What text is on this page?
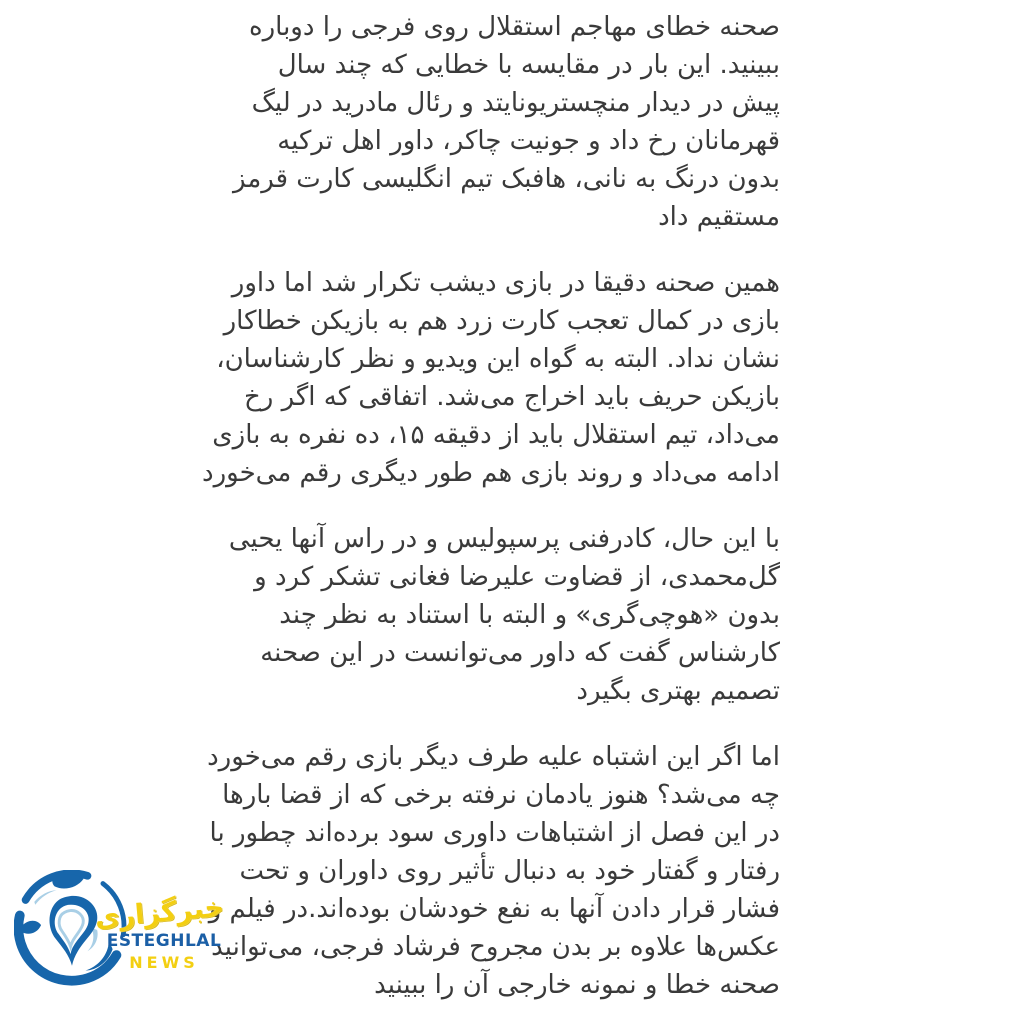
صحنه خطای مهاجم استقلال روی فرجی را دوباره
ببینید. این بار در مقایسه با خطایی که چند سال
پیش در دیدار منچستریونایتد و رئال مادرید در لیگ
قهرمانان رخ داد و جونیت چاکر، داور اهل ترکیه
بدون درنگ به نانی، هافبک تیم انگلیسی کارت قرمز
مستقیم داد
همین صحنه دقیقا در بازی دیشب تکرار شد اما داور
بازی در کمال تعجب کارت زرد هم به بازیکن خطاکار
نشان نداد. البته به گواه این ویدیو و نظر کارشناسان،
بازیکن حریف باید اخراج می‌شد. اتفاقی که اگر رخ
می‌داد، تیم استقلال باید از دقیقه ۱۵، ده نفره به بازی
ادامه می‌داد و روند بازی هم طور دیگری رقم می‌خورد
با این حال، کادرفنی پرسپولیس و در راس آنها یحیی
گل‌محمدی، از قضاوت علیرضا فغانی تشکر کرد و
بدون «هوچی‌گری» و البته با استناد به نظر چند
کارشناس گفت که داور می‌توانست در این صحنه
تصمیم بهتری بگیرد
اما اگر این اشتباه علیه طرف دیگر بازی رقم می‌خورد
چه می‌شد؟ هنوز یادمان نرفته برخی که از قضا بارها
در این فصل از اشتباهات داوری سود برده‌اند چطور با
رفتار و گفتار خود به دنبال تأثیر روی داوران و تحت
فشار قرار دادن آنها به نفع خودشان بوده‌اند.در فیلم و
عکس‌ها علاوه بر بدن مجروح فرشاد فرجی، می‌توانید
صحنه خطا و نمونه خارجی آن را ببینید
خبرگزاری
ESTEGHLAL
NEWS
